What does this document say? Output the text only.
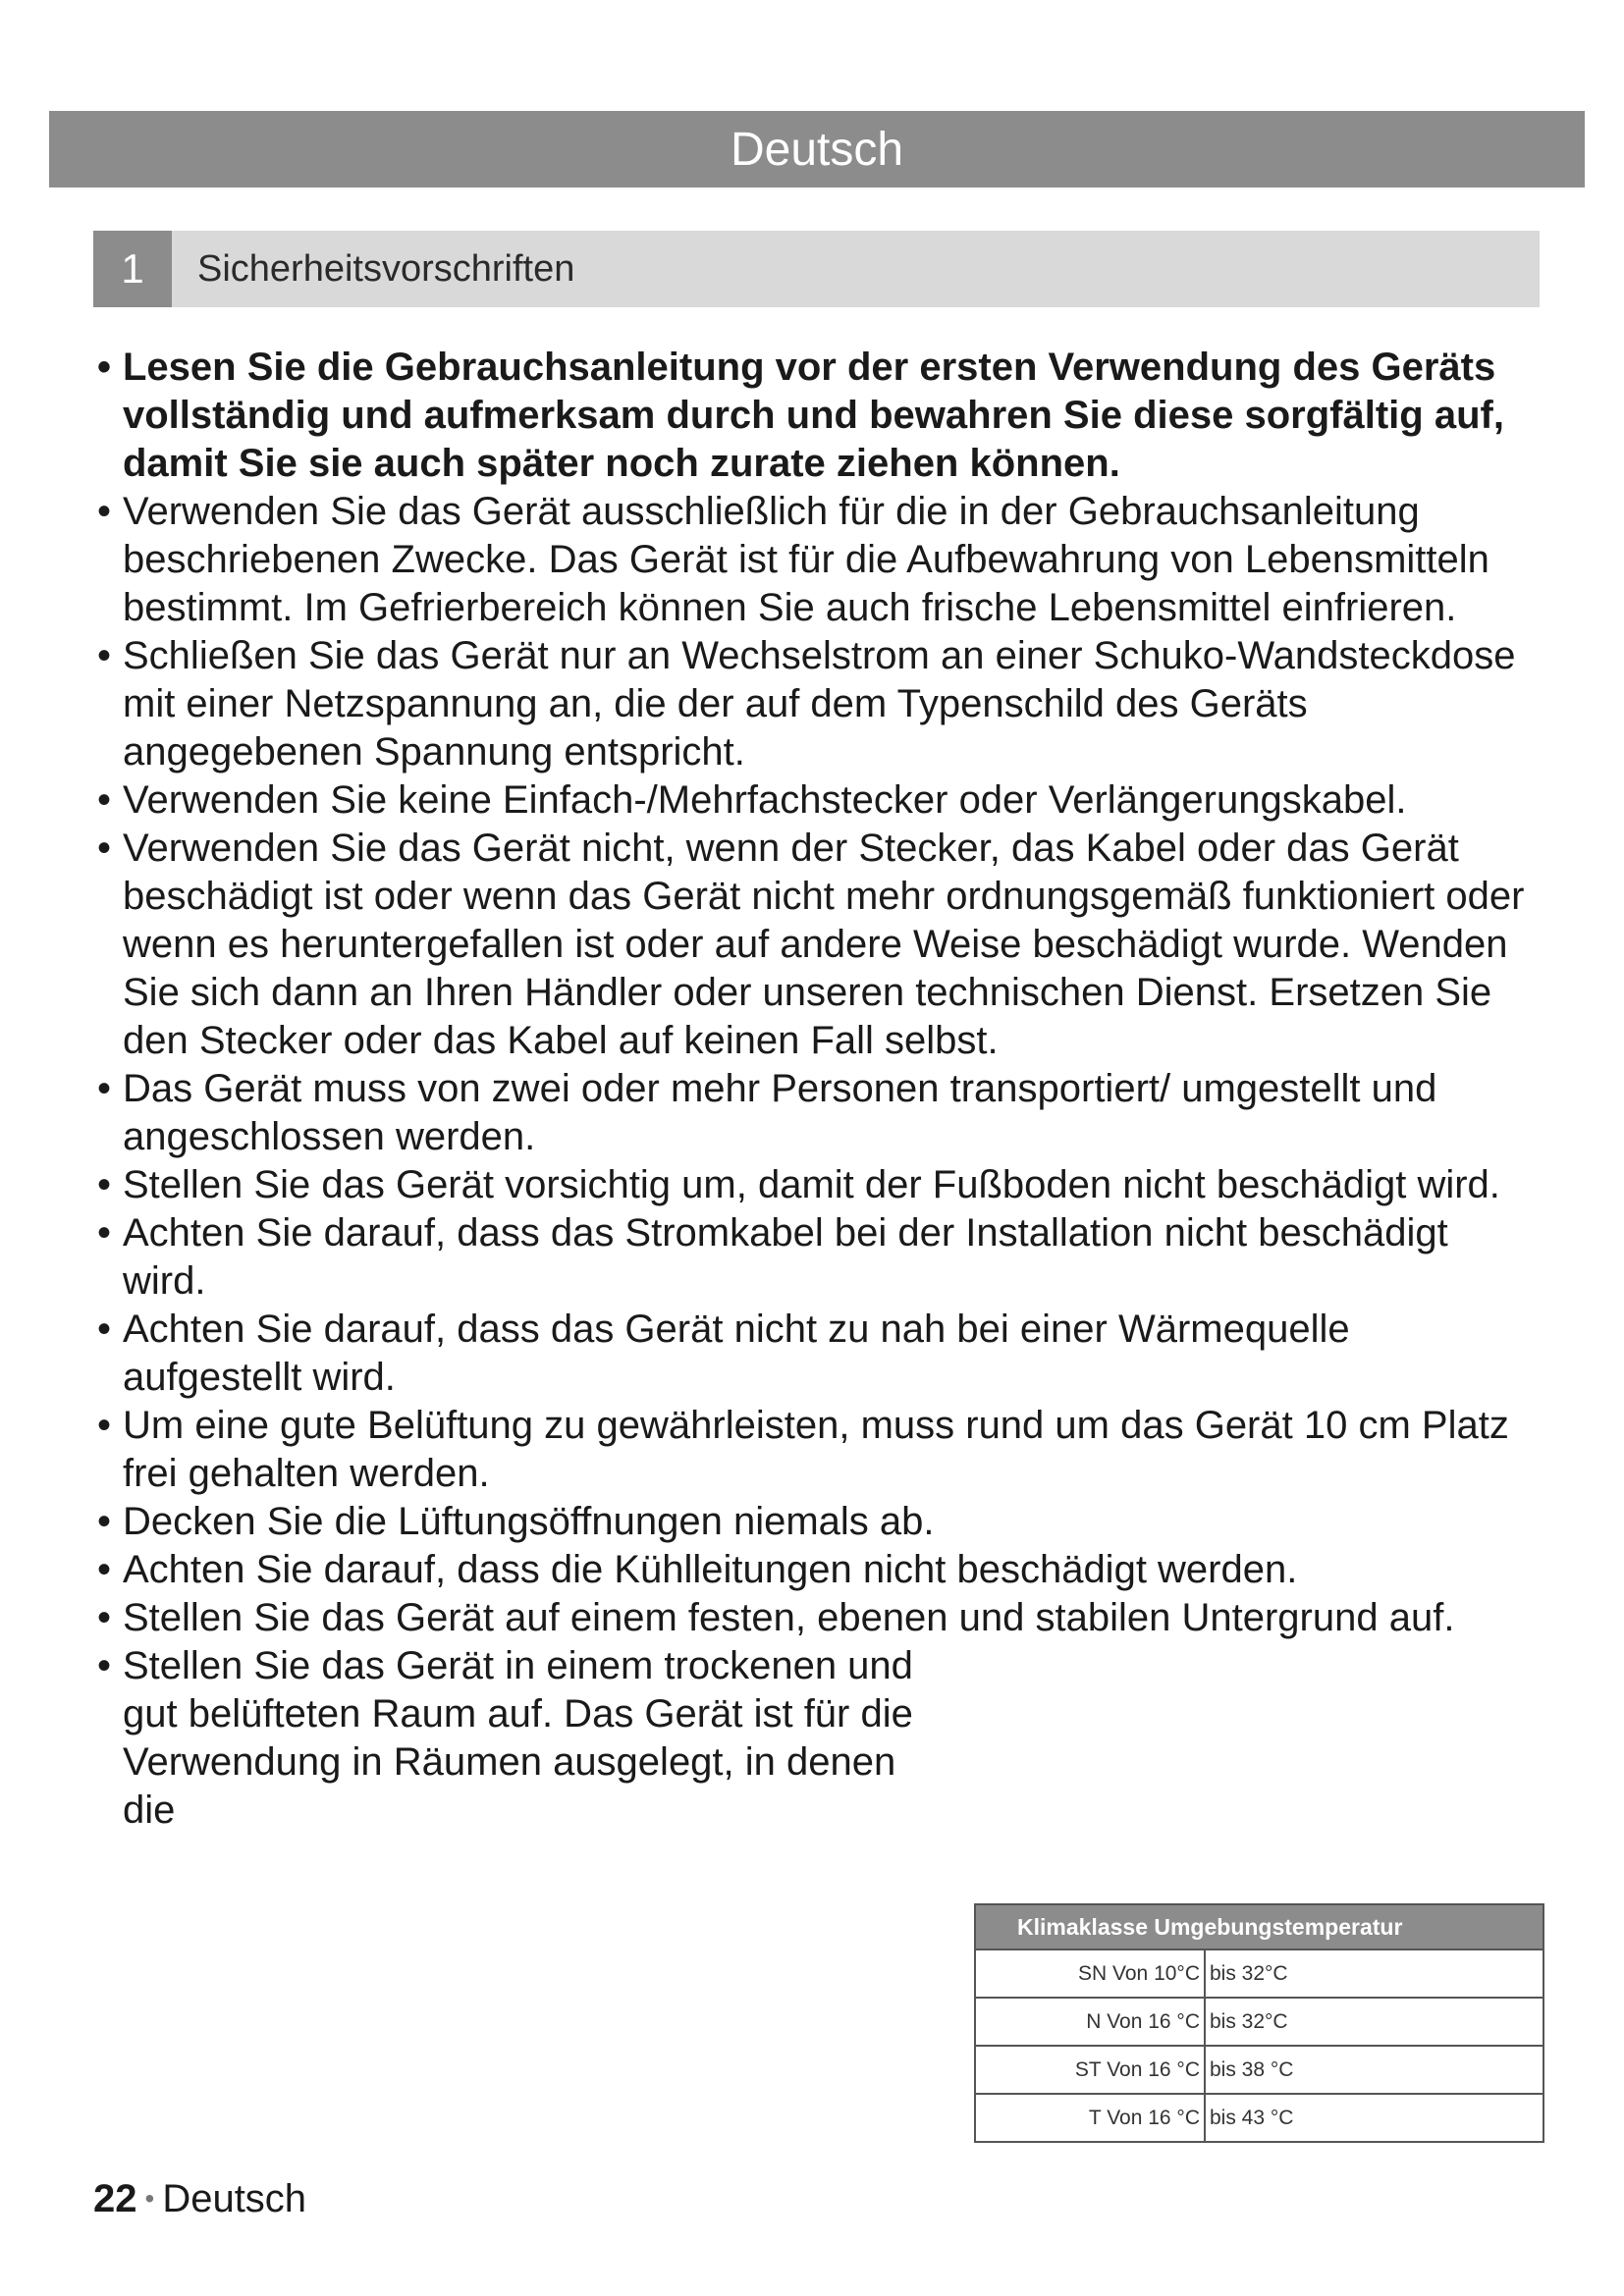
Deutsch
1	Sicherheitsvorschriften
• Lesen Sie die Gebrauchsanleitung vor der ersten Verwendung des Geräts vollständig und aufmerksam durch und bewahren Sie diese sorgfältig auf, damit Sie sie auch später noch zurate ziehen können.
• Verwenden Sie das Gerät ausschließlich für die in der Gebrauchsanleitung beschriebenen Zwecke. Das Gerät ist für die Aufbewahrung von Lebensmitteln bestimmt. Im Gefrierbereich können Sie auch frische Lebensmittel einfrieren.
• Schließen Sie das Gerät nur an Wechselstrom an einer Schuko-Wandsteckdose mit einer Netzspannung an, die der auf dem Typenschild des Geräts angegebenen Spannung entspricht.
• Verwenden Sie keine Einfach-/Mehrfachstecker oder Verlängerungskabel.
• Verwenden Sie das Gerät nicht, wenn der Stecker, das Kabel oder das Gerät beschädigt ist oder wenn das Gerät nicht mehr ordnungsgemäß funktioniert oder wenn es heruntergefallen ist oder auf andere Weise beschädigt wurde. Wenden Sie sich dann an Ihren Händler oder unseren technischen Dienst. Ersetzen Sie den Stecker oder das Kabel auf keinen Fall selbst.
• Das Gerät muss von zwei oder mehr Personen transportiert/ umgestellt und angeschlossen werden.
• Stellen Sie das Gerät vorsichtig um, damit der Fußboden nicht beschädigt wird.
• Achten Sie darauf, dass das Stromkabel bei der Installation nicht beschädigt wird.
• Achten Sie darauf, dass das Gerät nicht zu nah bei einer Wärmequelle aufgestellt wird.
• Um eine gute Belüftung zu gewährleisten, muss rund um das Gerät 10 cm Platz frei gehalten werden.
• Decken Sie die Lüftungsöffnungen niemals ab.
• Achten Sie darauf, dass die Kühlleitungen nicht beschädigt werden.
• Stellen Sie das Gerät auf einem festen, ebenen und stabilen Untergrund auf.
• Stellen Sie das Gerät in einem trockenen und gut belüfteten Raum auf. Das Gerät ist für die Verwendung in Räumen ausgelegt, in denen die
Klimaklasse Umgebungstemperatur	
SN Von 10°C	bis 32°C
N Von 16 °C	bis 32°C
ST Von 16 °C	bis 38 °C
T Von 16 °C	bis 43 °C
22 • Deutsch
